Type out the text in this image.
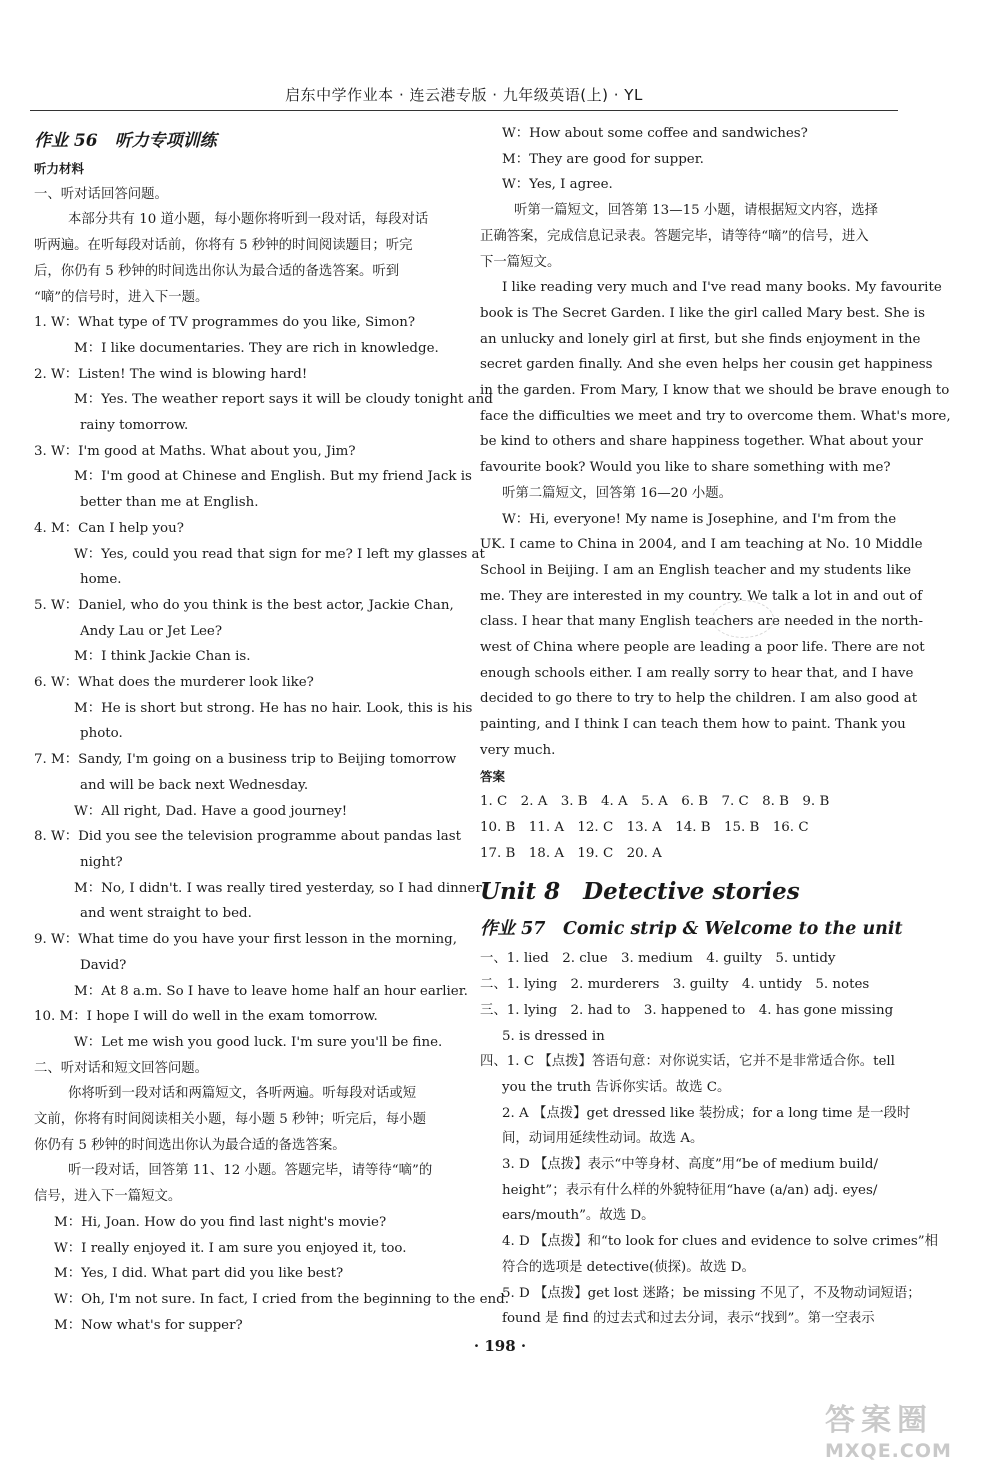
启东中学作业本 · 连云港专版 · 九年级英语(上) · YL
作业 56　听力专项训练
听力材料
一、听对话回答问题。
本部分共有 10 道小题，每小题你将听到一段对话，每段对话
听两遍。在听每段对话前，你将有 5 秒钟的时间阅读题目；听完
后，你仍有 5 秒钟的时间选出你认为最合适的备选答案。听到
“嘀”的信号时，进入下一题。
1. W：What type of TV programmes do you like, Simon?
M：I like documentaries. They are rich in knowledge.
2. W：Listen! The wind is blowing hard!
M：Yes. The weather report says it will be cloudy tonight and
rainy tomorrow.
3. W：I'm good at Maths. What about you, Jim?
M：I'm good at Chinese and English. But my friend Jack is
better than me at English.
4. M：Can I help you?
W：Yes, could you read that sign for me? I left my glasses at
home.
5. W：Daniel, who do you think is the best actor, Jackie Chan,
Andy Lau or Jet Lee?
M：I think Jackie Chan is.
6. W：What does the murderer look like?
M：He is short but strong. He has no hair. Look, this is his
photo.
7. M：Sandy, I'm going on a business trip to Beijing tomorrow
and will be back next Wednesday.
W：All right, Dad. Have a good journey!
8. W：Did you see the television programme about pandas last
night?
M：No, I didn't. I was really tired yesterday, so I had dinner
and went straight to bed.
9. W：What time do you have your first lesson in the morning,
David?
M：At 8 a.m. So I have to leave home half an hour earlier.
10. M：I hope I will do well in the exam tomorrow.
W：Let me wish you good luck. I'm sure you'll be fine.
二、听对话和短文回答问题。
你将听到一段对话和两篇短文，各听两遍。听每段对话或短
文前，你将有时间阅读相关小题，每小题 5 秒钟；听完后，每小题
你仍有 5 秒钟的时间选出你认为最合适的备选答案。
听一段对话，回答第 11、12 小题。答题完毕，请等待“嘀”的
信号，进入下一篇短文。
M：Hi, Joan. How do you find last night's movie?
W：I really enjoyed it. I am sure you enjoyed it, too.
M：Yes, I did. What part did you like best?
W：Oh, I'm not sure. In fact, I cried from the beginning to the end.
M：Now what's for supper?
W：How about some coffee and sandwiches?
M：They are good for supper.
W：Yes, I agree.
听第一篇短文，回答第 13—15 小题，请根据短文内容，选择
正确答案，完成信息记录表。答题完毕，请等待“嘀”的信号，进入
下一篇短文。
I like reading very much and I've read many books. My favourite
book is The Secret Garden. I like the girl called Mary best. She is
an unlucky and lonely girl at first, but she finds enjoyment in the
secret garden finally. And she even helps her cousin get happiness
in the garden. From Mary, I know that we should be brave enough to
face the difficulties we meet and try to overcome them. What's more,
be kind to others and share happiness together. What about your
favourite book? Would you like to share something with me?
听第二篇短文，回答第 16—20 小题。
W：Hi, everyone! My name is Josephine, and I'm from the
UK. I came to China in 2004, and I am teaching at No. 10 Middle
School in Beijing. I am an English teacher and my students like
me. They are interested in my country. We talk a lot in and out of
class. I hear that many English teachers are needed in the north-
west of China where people are leading a poor life. There are not
enough schools either. I am really sorry to hear that, and I have
decided to go there to try to help the children. I am also good at
painting, and I think I can teach them how to paint. Thank you
very much.
答案
1. C　2. A　3. B　4. A　5. A　6. B　7. C　8. B　9. B
10. B　11. A　12. C　13. A　14. B　15. B　16. C
17. B　18. A　19. C　20. A
Unit 8　Detective stories
作业 57　Comic strip & Welcome to the unit
一、1. lied　2. clue　3. medium　4. guilty　5. untidy
二、1. lying　2. murderers　3. guilty　4. untidy　5. notes
三、1. lying　2. had to　3. happened to　4. has gone missing
5. is dressed in
四、1. C 【点拨】答语句意：对你说实话，它并不是非常适合你。tell
you the truth 告诉你实话。故选 C。
2. A 【点拨】get dressed like 装扮成；for a long time 是一段时
间，动词用延续性动词。故选 A。
3. D 【点拨】表示“中等身材、高度”用“be of medium build/
height”；表示有什么样的外貌特征用“have (a/an) adj. eyes/
ears/mouth”。故选 D。
4. D 【点拨】和“to look for clues and evidence to solve crimes”相
符合的选项是 detective(侦探)。故选 D。
5. D 【点拨】get lost 迷路；be missing 不见了，不及物动词短语；
found 是 find 的过去式和过去分词，表示“找到”。第一空表示
· 198 ·
答案圈
MXQE.COM
